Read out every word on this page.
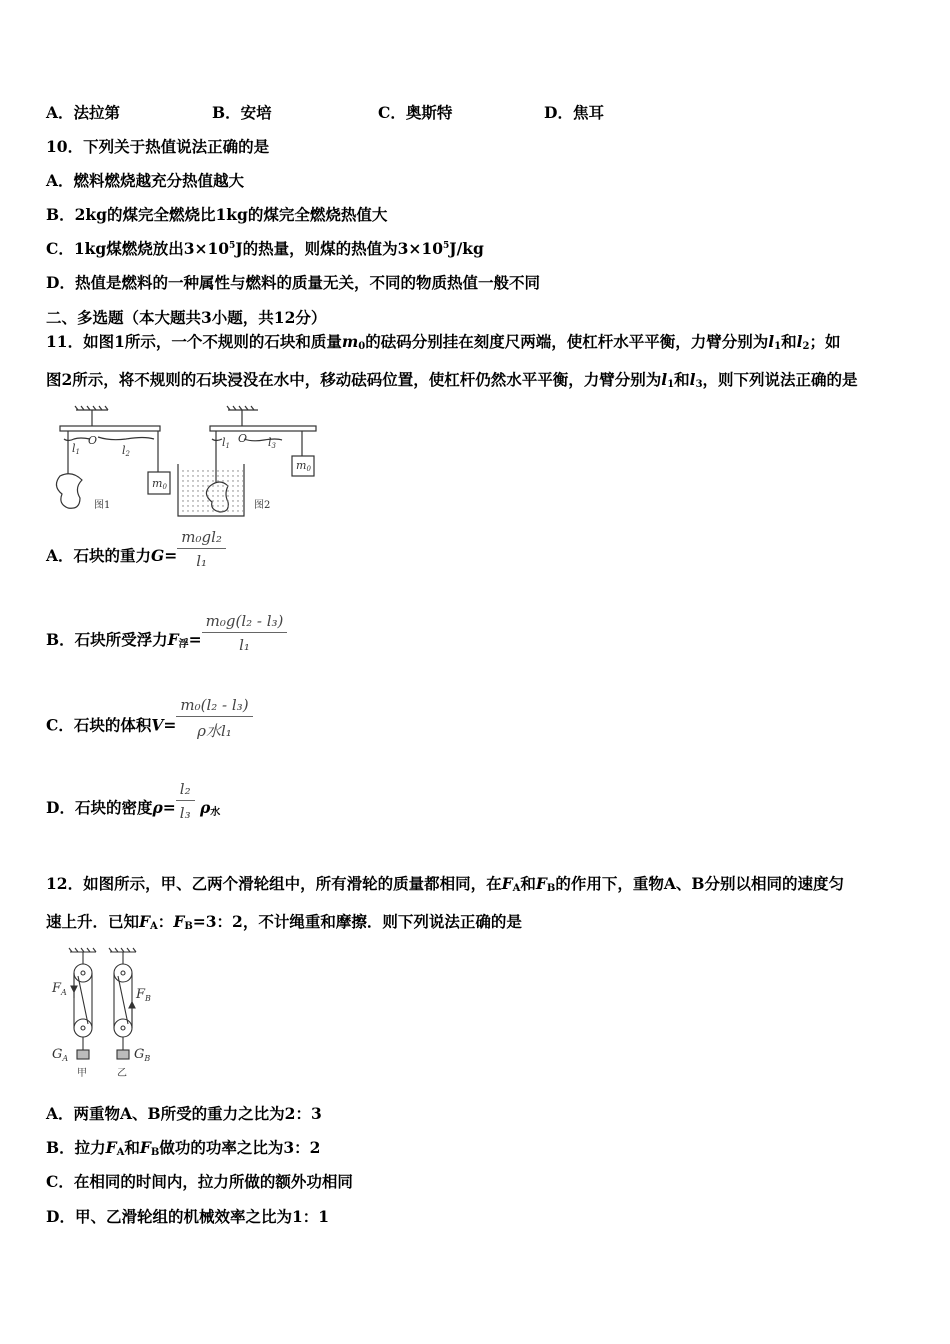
A．法拉第	B．安培	C．奥斯特	D．焦耳
10．下列关于热值说法正确的是
A．燃料燃烧越充分热值越大
B．2kg的煤完全燃烧比1kg的煤完全燃烧热值大
C．1kg煤燃烧放出$3\times 10^5J$的热量，则煤的热值为$3\times 10^5J/kg$
D．热值是燃料的一种属性与燃料的质量无关，不同的物质热值一般不同
二、多选题（本大题共3小题，共12分）
11．如图1所示，一个不规则的石块和质量$m_0$的砝码分别挂在刻度尺两端，使杠杆水平平衡，力臂分别为$l_1$和$l_2$；如
图2所示，将不规则的石块浸没在水中，移动砝码位置，使杠杆仍然水平平衡，力臂分别为$l_1$和$l_3$，则下列说法正确的是
O
l1	l2
m0
O
l1	l3
m0
图1	图2
A．石块的重力$G= \frac{\text{m₀gl₂}}{\text{l₁}}$
B．石块所受浮力$F_浮= \frac{\text{m₀g(l₂ - l₃)}}{\text{l₁}}$
C．石块的体积$V= \frac{\text{m₀(l₂ - l₃)}}{\text{ρ水l₁}}$
D．石块的密度$\rho= \frac{\text{l₂}}{\text{l₃}} \rho_水$
12．如图所示，甲、乙两个滑轮组中，所有滑轮的质量都相同，在$F_A$和$F_B$的作用下，重物A、B分别以相同的速度匀
速上升．已知$F_A$：$F_B=3$：2，不计绳重和摩擦．则下列说法正确的是
$F_A$	$F_B$
$G_A$	$G_B$
甲	乙
A．两重物A、B所受的重力之比为2：3
B．拉力$F_A$和$F_B$做功的功率之比为3：2
C．在相同的时间内，拉力所做的额外功相同
D．甲、乙滑轮组的机械效率之比为1：1
